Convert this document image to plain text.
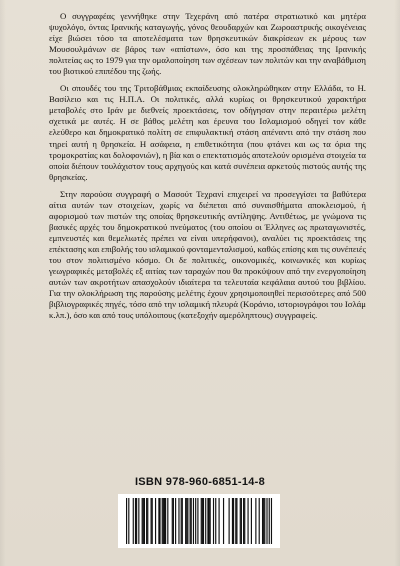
Ο συγγραφέας γεννήθηκε στην Τεχεράνη από πατέρα στρατιωτικό και μητέρα ψυχολόγο, όντας Ιρανικής καταγωγής, γόνος θεουδαρχών και Ζωροαστρικής οικογένειας είχε βιώσει τόσο τα αποτελέσματα των θρησκευτικών διακρίσεων εκ μέρους των Μουσουλμάνων σε βάρος των «απίστων», όσο και της προσπάθειας της Ιρανικής πολιτείας ως το 1979 για την ομαλοποίηση των σχέσεων των πολιτών και την αναβάθμιση του βιοτικού επιπέδου της ζωής.

Οι σπουδές του της Τριτοβάθμιας εκπαίδευσης ολοκληρώθηκαν στην Ελλάδα, το Η. Βασίλειο και τις Η.Π.Α. Οι πολιτικές, αλλά κυρίως οι θρησκευτικού χαρακτήρα μεταβολές στο Ιράν με διεθνείς προεκτάσεις, τον οδήγησαν στην περαιτέρω μελέτη σχετικά με αυτές. Η σε βάθος μελέτη και έρευνα του Ισλαμισμού οδηγεί τον κάθε ελεύθερο και δημοκρατικό πολίτη σε επιφυλακτική στάση απέναντι από την στάση που τηρεί αυτή η θρησκεία. Η ασάφεια, η επιθετικότητα (που φτάνει και ως τα όρια της τρομοκρατίας και δολοφονιών), η βία και ο επεκτατισμός αποτελούν ορισμένα στοιχεία τα οποία διέπουν τουλάχιστον τους αρχηγούς και κατά συνέπεια αρκετούς πιστούς αυτής της θρησκείας.

Στην παρούσα συγγραφή ο Μασούτ Τεχρανί επιχειρεί να προσεγγίσει τα βαθύτερα αίτια αυτών των στοιχείων, χωρίς να διέπεται από συναισθήματα αποκλεισμού, ή αφορισμού των πιστών της οποίας θρησκευτικής αντίληψης. Αντιθέτως, με γνώμονα τις βασικές αρχές του δημοκρατικού πνεύματος (του οποίου οι Έλληνες ως πρωταγωνιστές, εμπνευστές και θεμελιωτές πρέπει να είναι υπερήφανοι), αναλύει τις προεκτάσεις της επέκτασης και επιβολής του ισλαμικού φονταμενταλισμού, καθώς επίσης και τις συνέπειές του στον πολιτισμένο κόσμο. Οι δε πολιτικές, οικονομικές, κοινωνικές και κυρίως γεωγραφικές μεταβολές εξ αιτίας των ταραχών που θα προκύψουν από την ενεργοποίηση αυτών των ακροτήτων απασχολούν ιδιαίτερα τα τελευταία κεφάλαια αυτού του βιβλίου. Για την ολοκλήρωση της παρούσης μελέτης έχουν χρησιμοποιηθεί περισσότερες από 500 βιβλιογραφικές πηγές, τόσο από την ισλαμική πλευρά (Κοράνιο, ιστοριογράφοι του Ισλάμ κ.λπ.), όσο και από τους υπόλοιπους (κατεξοχήν αμερόληπτους) συγγραφείς.

ISBN 978-960-6851-14-8
